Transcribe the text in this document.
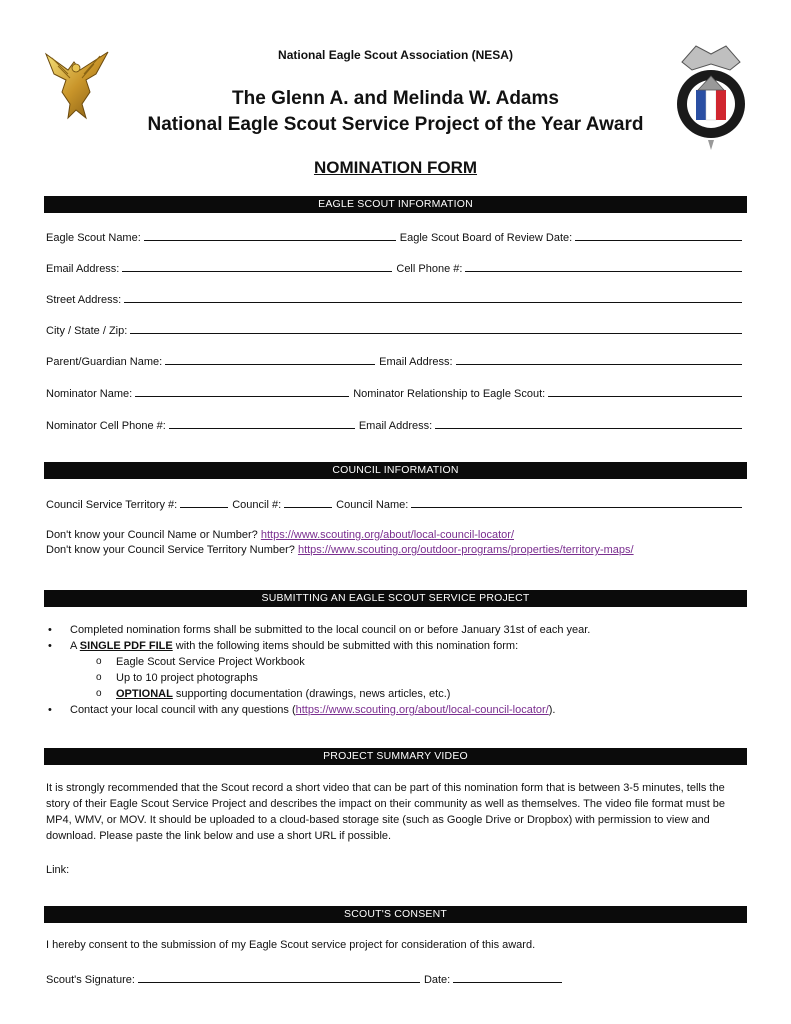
National Eagle Scout Association (NESA)
The Glenn A. and Melinda W. Adams
National Eagle Scout Service Project of the Year Award
NOMINATION FORM
EAGLE SCOUT INFORMATION
Eagle Scout Name:	Eagle Scout Board of Review Date:
Email Address:	Cell Phone #:
Street Address:
City / State / Zip:
Parent/Guardian Name:	Email Address:
Nominator Name:	Nominator Relationship to Eagle Scout:
Nominator Cell Phone #:	Email Address:
COUNCIL INFORMATION
Council Service Territory #:	Council #:	Council Name:
Don't know your Council Name or Number? https://www.scouting.org/about/local-council-locator/
Don't know your Council Service Territory Number? https://www.scouting.org/outdoor-programs/properties/territory-maps/
SUBMITTING AN EAGLE SCOUT SERVICE PROJECT
• Completed nomination forms shall be submitted to the local council on or before January 31st of each year.
• A SINGLE PDF FILE with the following items should be submitted with this nomination form:
o Eagle Scout Service Project Workbook
o Up to 10 project photographs
o OPTIONAL supporting documentation (drawings, news articles, etc.)
• Contact your local council with any questions (https://www.scouting.org/about/local-council-locator/).
PROJECT SUMMARY VIDEO
It is strongly recommended that the Scout record a short video that can be part of this nomination form that is between 3-5 minutes, tells the story of their Eagle Scout Service Project and describes the impact on their community as well as themselves. The video file format must be MP4, WMV, or MOV. It should be uploaded to a cloud-based storage site (such as Google Drive or Dropbox) with permission to view and download. Please paste the link below and use a short URL if possible.
Link:
SCOUT'S CONSENT
I hereby consent to the submission of my Eagle Scout service project for consideration of this award.
Scout's Signature:	Date:
